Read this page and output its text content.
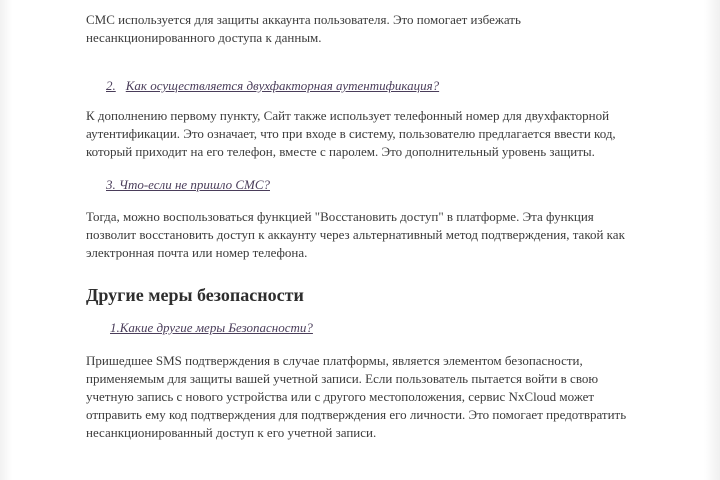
СМС используется для защиты аккаунта пользователя. Это помогает избежать несанкционированного доступа к данным.

2. Как осуществляется двухфакторная аутентификация?

К дополнению первому пункту, Сайт также использует телефонный номер для двухфакторной аутентификации. Это означает, что при входе в систему, пользователю предлагается ввести код, который приходит на его телефон, вместе с паролем. Это дополнительный уровень защиты.

3. Что-если не пришло СМС?

Тогда, можно воспользоваться функцией "Восстановить доступ" в платформе. Эта функция позволит восстановить доступ к аккаунту через альтернативный метод подтверждения, такой как электронная почта или номер телефона.

Другие меры безопасности

1.Какие другие меры Безопасности?

Пришедшее SMS подтверждения в случае платформы, является элементом безопасности, применяемым для защиты вашей учетной записи. Если пользователь пытается войти в свою учетную запись с нового устройства или с другого местоположения, сервис NxCloud может отправить ему код подтверждения для подтверждения его личности. Это помогает предотвратить несанкционированный доступ к его учетной записи.
